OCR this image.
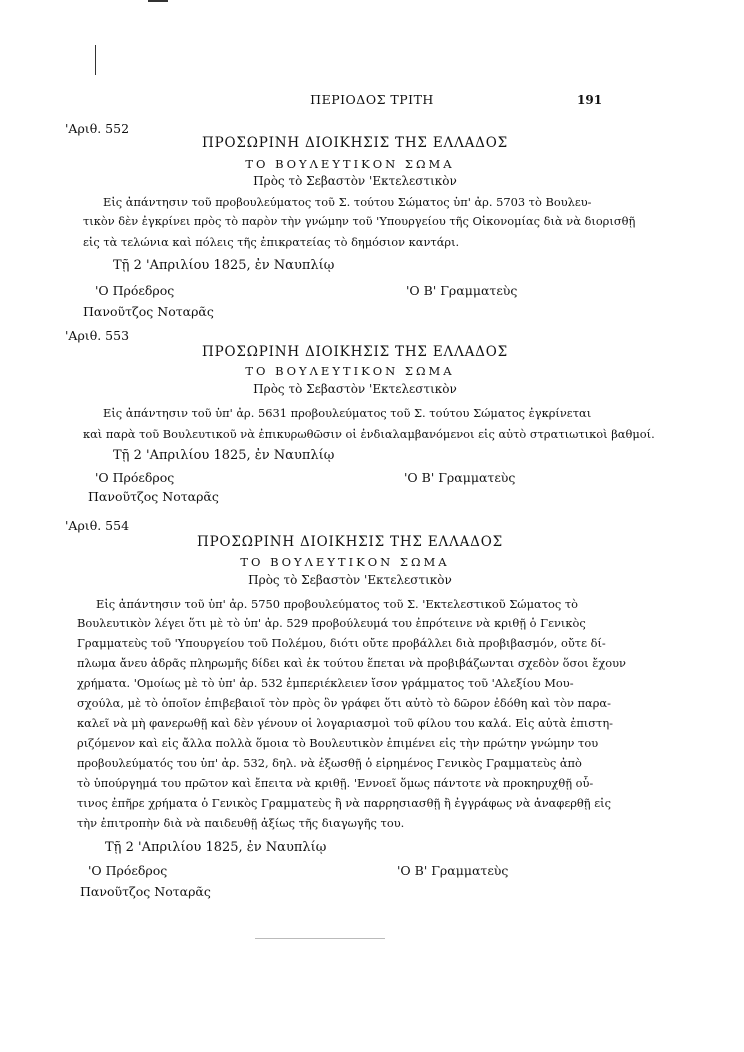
ΠΕΡΙΟΔΟΣ ΤΡΙΤΗ	191
'Αριθ. 552
ΠΡΟΣΩΡΙΝΗ ΔΙΟΙΚΗΣΙΣ ΤΗΣ ΕΛΛΑΔΟΣ
ΤΟ ΒΟΥΛΕΥΤΙΚΟΝ ΣΩΜΑ
Πρὸς τὸ Σεβαστὸν 'Εκτελεστικὸν
Εἰς ἀπάντησιν τοῦ προβουλεύματος τοῦ Σ. τούτου Σώματος ὑπ' ἀρ. 5703 τὸ Βουλευ-
τικὸν δὲν ἐγκρίνει πρὸς τὸ παρὸν τὴν γνώμην τοῦ 'Υπουργείου τῆς Οἰκονομίας διὰ νὰ διορισθῇ
εἰς τὰ τελώνια καὶ πόλεις τῆς ἐπικρατείας τὸ δημόσιον καντάρι.
Τῇ 2 'Απριλίου 1825, ἐν Ναυπλίῳ
'Ο Πρόεδρος	'Ο Β' Γραμματεὺς
Πανοῦτζος Νοταρᾶς
'Αριθ. 553
ΠΡΟΣΩΡΙΝΗ ΔΙΟΙΚΗΣΙΣ ΤΗΣ ΕΛΛΑΔΟΣ
ΤΟ ΒΟΥΛΕΥΤΙΚΟΝ ΣΩΜΑ
Πρὸς τὸ Σεβαστὸν 'Εκτελεστικὸν
Εἰς ἀπάντησιν τοῦ ὑπ' ἀρ. 5631 προβουλεύματος τοῦ Σ. τούτου Σώματος ἐγκρίνεται
καὶ παρὰ τοῦ Βουλευτικοῦ νὰ ἐπικυρωθῶσιν οἱ ἐνδιαλαμβανόμενοι εἰς αὐτὸ στρατιωτικοὶ βαθμοί.
Τῇ 2 'Απριλίου 1825, ἐν Ναυπλίῳ
'Ο Πρόεδρος	'Ο Β' Γραμματεὺς
Πανοῦτζος Νοταρᾶς
'Αριθ. 554
ΠΡΟΣΩΡΙΝΗ ΔΙΟΙΚΗΣΙΣ ΤΗΣ ΕΛΛΑΔΟΣ
ΤΟ ΒΟΥΛΕΥΤΙΚΟΝ ΣΩΜΑ
Πρὸς τὸ Σεβαστὸν 'Εκτελεστικὸν
Εἰς ἀπάντησιν τοῦ ὑπ' ἀρ. 5750 προβουλεύματος τοῦ Σ. 'Εκτελεστικοῦ Σώματος τὸ
Βουλευτικὸν λέγει ὅτι μὲ τὸ ὑπ' ἀρ. 529 προβούλευμά του ἐπρότεινε νὰ κριθῇ ὁ Γενικὸς
Γραμματεὺς τοῦ 'Υπουργείου τοῦ Πολέμου, διότι οὔτε προβάλλει διὰ προβιβασμόν, οὔτε δί-
πλωμα ἄνευ ἁδρᾶς πληρωμῆς δίδει καὶ ἐκ τούτου ἕπεται νὰ προβιβάζωνται σχεδὸν ὅσοι ἔχουν
χρήματα. 'Ομοίως μὲ τὸ ὑπ' ἀρ. 532 ἐμπεριέκλειεν ἴσον γράμματος τοῦ 'Αλεξίου Μου-
σχούλα, μὲ τὸ ὁποῖον ἐπιβεβαιοῖ τὸν πρὸς ὃν γράφει ὅτι αὐτὸ τὸ δῶρον ἐδόθη καὶ τὸν παρα-
καλεῖ νὰ μὴ φανερωθῇ καὶ δὲν γένουν οἱ λογαριασμοὶ τοῦ φίλου του καλά. Εἰς αὐτὰ ἐπιστη-
ριζόμενον καὶ εἰς ἄλλα πολλὰ ὅμοια τὸ Βουλευτικὸν ἐπιμένει εἰς τὴν πρώτην γνώμην του
προβουλεύματός του ὑπ' ἀρ. 532, δηλ. νὰ ἐξωσθῇ ὁ εἰρημένος Γενικὸς Γραμματεὺς ἀπὸ
τὸ ὑπούργημά του πρῶτον καὶ ἔπειτα νὰ κριθῇ. 'Εννοεῖ ὅμως πάντοτε νὰ προκηρυχθῇ οὗ-
τινος ἐπῆρε χρήματα ὁ Γενικὸς Γραμματεὺς ἢ νὰ παρρησιασθῇ ἢ ἐγγράφως νὰ ἀναφερθῇ εἰς
τὴν ἐπιτροπὴν διὰ νὰ παιδευθῇ ἀξίως τῆς διαγωγῆς του.
Τῇ 2 'Απριλίου 1825, ἐν Ναυπλίῳ
'Ο Πρόεδρος	'Ο Β' Γραμματεὺς
Πανοῦτζος Νοταρᾶς
